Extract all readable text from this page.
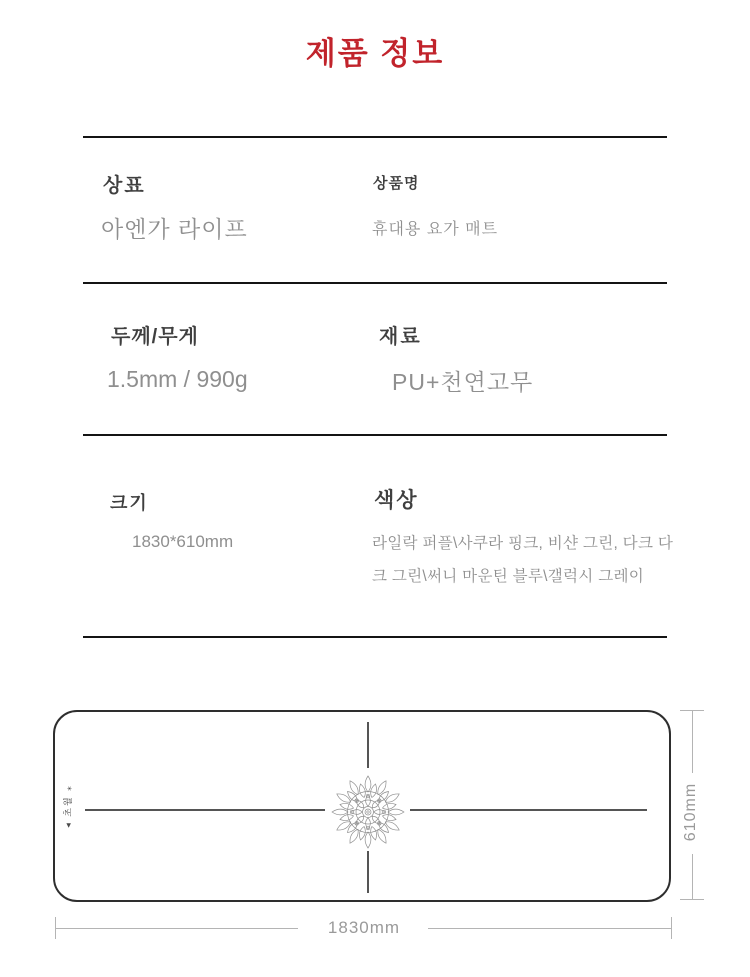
제품 정보
상표
아엔가 라이프
상품명
휴대용 요가 매트
두께/무게
1.5mm / 990g
재료
PU+천연고무
크기
1830*610mm
색상
라일락 퍼플\사쿠라 핑크, 비샨 그린, 다크 다
크 그린\써니 마운틴 블루\갤럭시 그레이
◂ 초월 ⁎	610mm
1830mm
